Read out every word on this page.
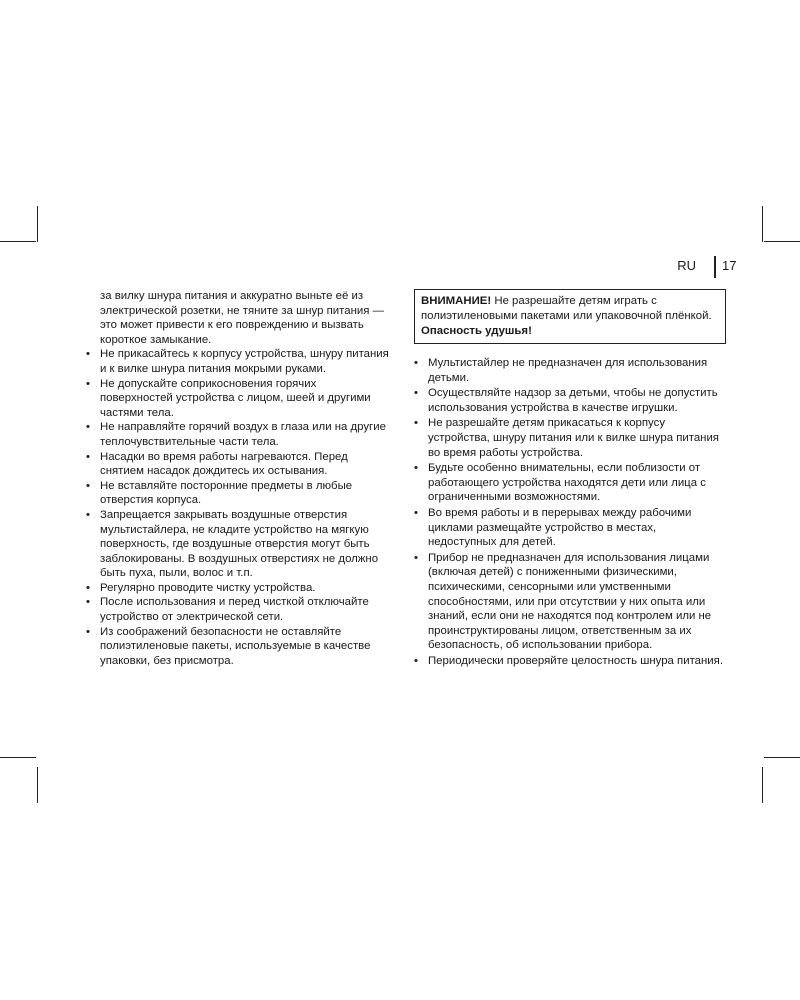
RU 17

за вилку шнура питания и аккуратно выньте её из электрической розетки, не тяните за шнур питания — это может привести к его повреждению и вызвать короткое замыкание.

• Не прикасайтесь к корпусу устройства, шнуру питания и к вилке шнура питания мокрыми руками.
• Не допускайте соприкосновения горячих поверхностей устройства с лицом, шеей и другими частями тела.
• Не направляйте горячий воздух в глаза или на другие теплочувствительные части тела.
• Насадки во время работы нагреваются. Перед снятием насадок дождитесь их остывания.
• Не вставляйте посторонние предметы в любые отверстия корпуса.
• Запрещается закрывать воздушные отверстия мультистайлера, не кладите устройство на мягкую поверхность, где воздушные отверстия могут быть заблокированы. В воздушных отверстиях не должно быть пуха, пыли, волос и т.п.
• Регулярно проводите чистку устройства.
• После использования и перед чисткой отключайте устройство от электрической сети.
• Из соображений безопасности не оставляйте полиэтиленовые пакеты, используемые в качестве упаковки, без присмотра.
ВНИМАНИЕ! Не разрешайте детям играть с полиэтиленовыми пакетами или упаковочной плёнкой.
Опасность удушья!
• Мультистайлер не предназначен для использования детьми.
• Осуществляйте надзор за детьми, чтобы не допустить использования устройства в качестве игрушки.
• Не разрешайте детям прикасаться к корпусу устройства, шнуру питания или к вилке шнура питания во время работы устройства.
• Будьте особенно внимательны, если поблизости от работающего устройства находятся дети или лица с ограниченными возможностями.
• Во время работы и в перерывах между рабочими циклами размещайте устройство в местах, недоступных для детей.
• Прибор не предназначен для использования лицами (включая детей) с пониженными физическими, психическими, сенсорными или умственными способностями, или при отсутствии у них опыта или знаний, если они не находятся под контролем или не проинструктированы лицом, ответственным за их безопасность, об использовании прибора.
• Периодически проверяйте целостность шнура питания.
